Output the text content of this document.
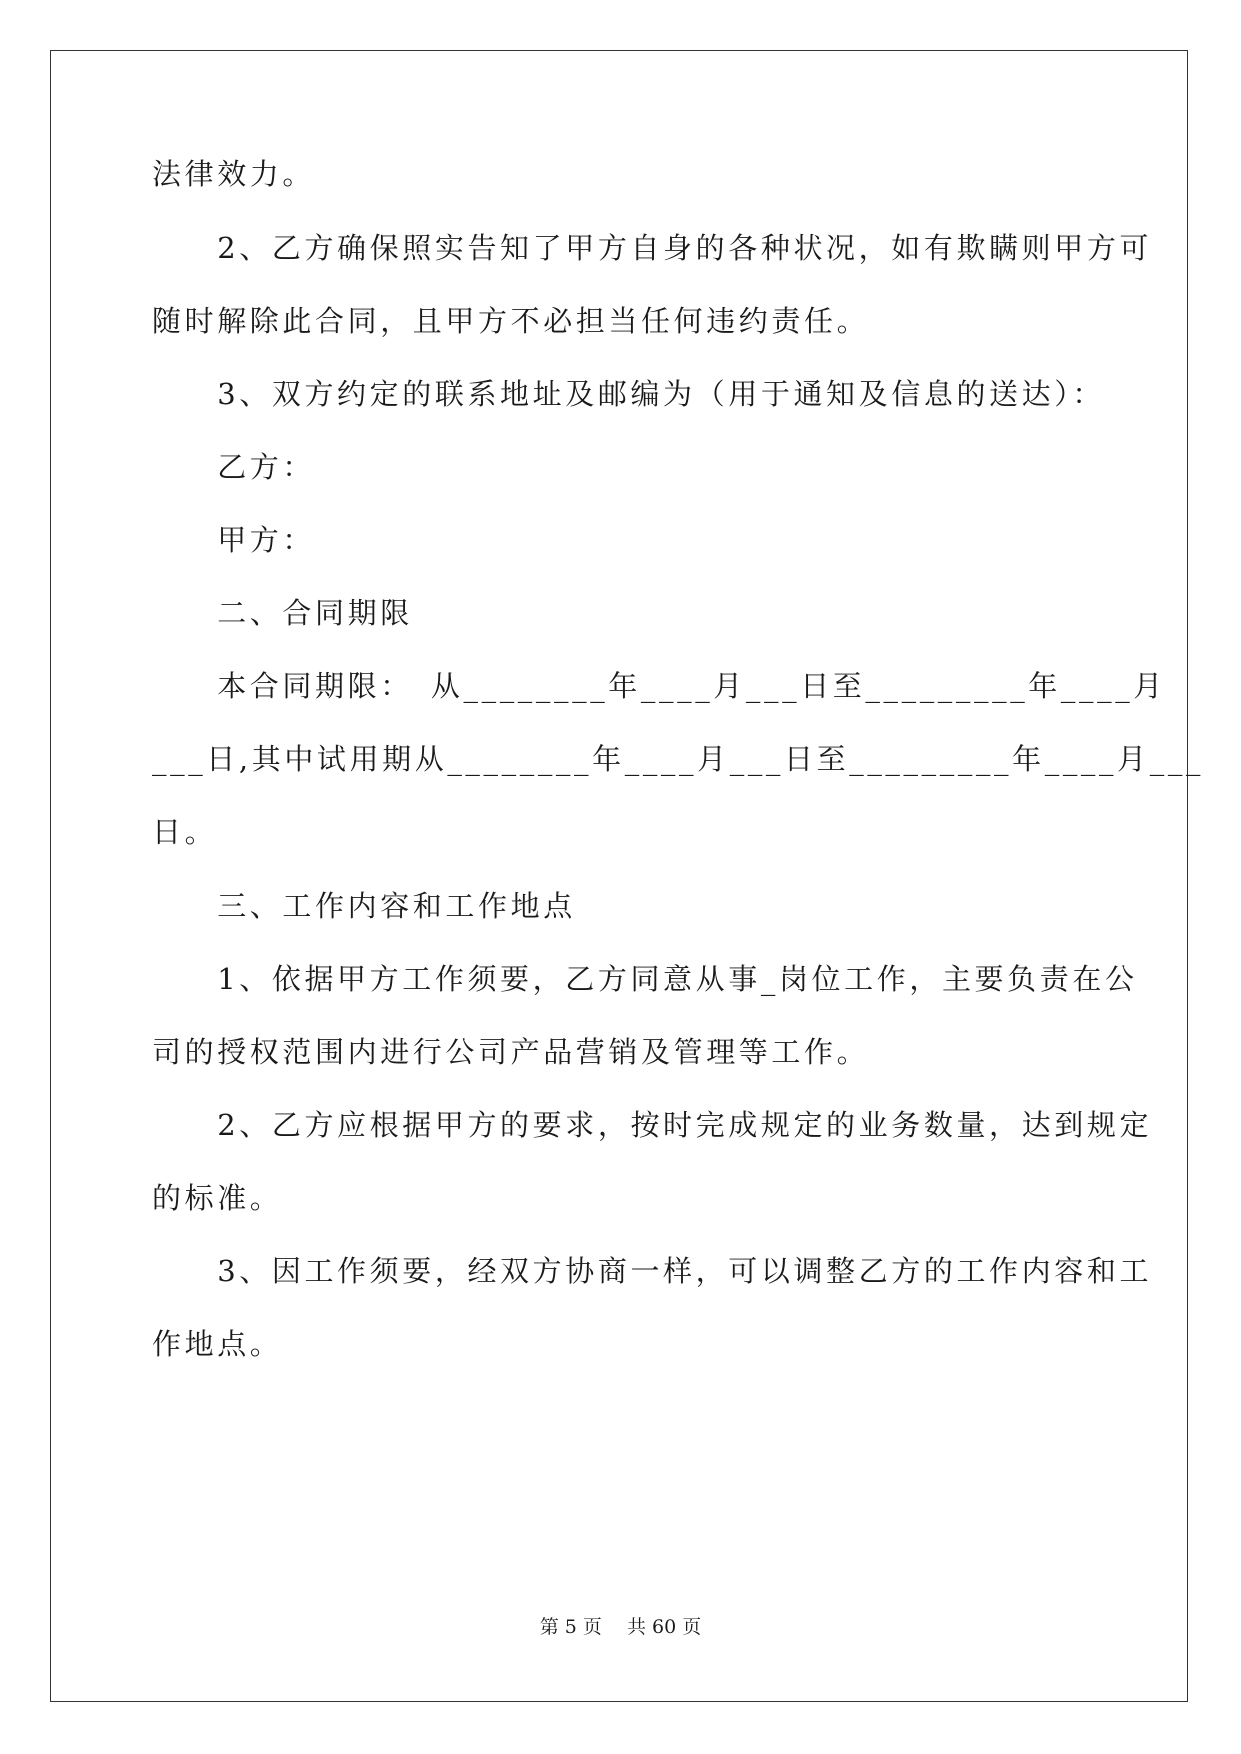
法律效力。

　　2、乙方确保照实告知了甲方自身的各种状况，如有欺瞒则甲方可

随时解除此合同，且甲方不必担当任何违约责任。

　　3、双方约定的联系地址及邮编为（用于通知及信息的送达）：

　　乙方：

　　甲方：

　　二、合同期限

　　本合同期限：　从________年____月___日至_________年____月

___日,其中试用期从________年____月___日至_________年____月___

日。

　　三、工作内容和工作地点

　　1、依据甲方工作须要，乙方同意从事_岗位工作，主要负责在公

司的授权范围内进行公司产品营销及管理等工作。

　　2、乙方应根据甲方的要求，按时完成规定的业务数量，达到规定

的标准。

　　3、因工作须要，经双方协商一样，可以调整乙方的工作内容和工

作地点。

第 5 页　 共 60 页
